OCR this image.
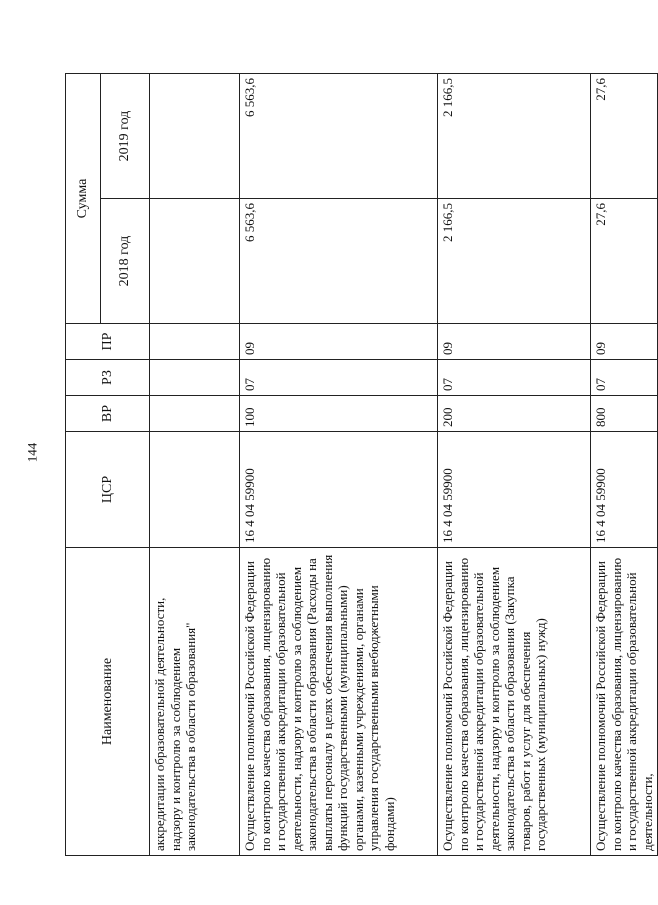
144
Наименование	ЦСР	ВР	РЗ	ПР	Сумма	
					2018 год	2019 год
аккредитации образовательной деятельности, надзору и контролю за соблюдением законодательства в области образования"						
Осуществление полномочий Российской Федерации по контролю качества образования, лицензированию и государственной аккредитации образовательной деятельности, надзору и контролю за соблюдением законодательства в области образования (Расходы на выплаты персоналу в целях обеспечения выполнения функций государственными (муниципальными) органами, казенными учреждениями, органами управления государственными внебюджетными фондами)	16 4 04 59900	100	07	09	6 563,6	6 563,6
Осуществление полномочий Российской Федерации по контролю качества образования, лицензированию и государственной аккредитации образовательной деятельности, надзору и контролю за соблюдением законодательства в области образования (Закупка товаров, работ и услуг для обеспечения государственных (муниципальных) нужд)	16 4 04 59900	200	07	09	2 166,5	2 166,5
Осуществление полномочий Российской Федерации по контролю качества образования, лицензированию и государственной аккредитации образовательной деятельности,	16 4 04 59900	800	07	09	27,6	27,6
